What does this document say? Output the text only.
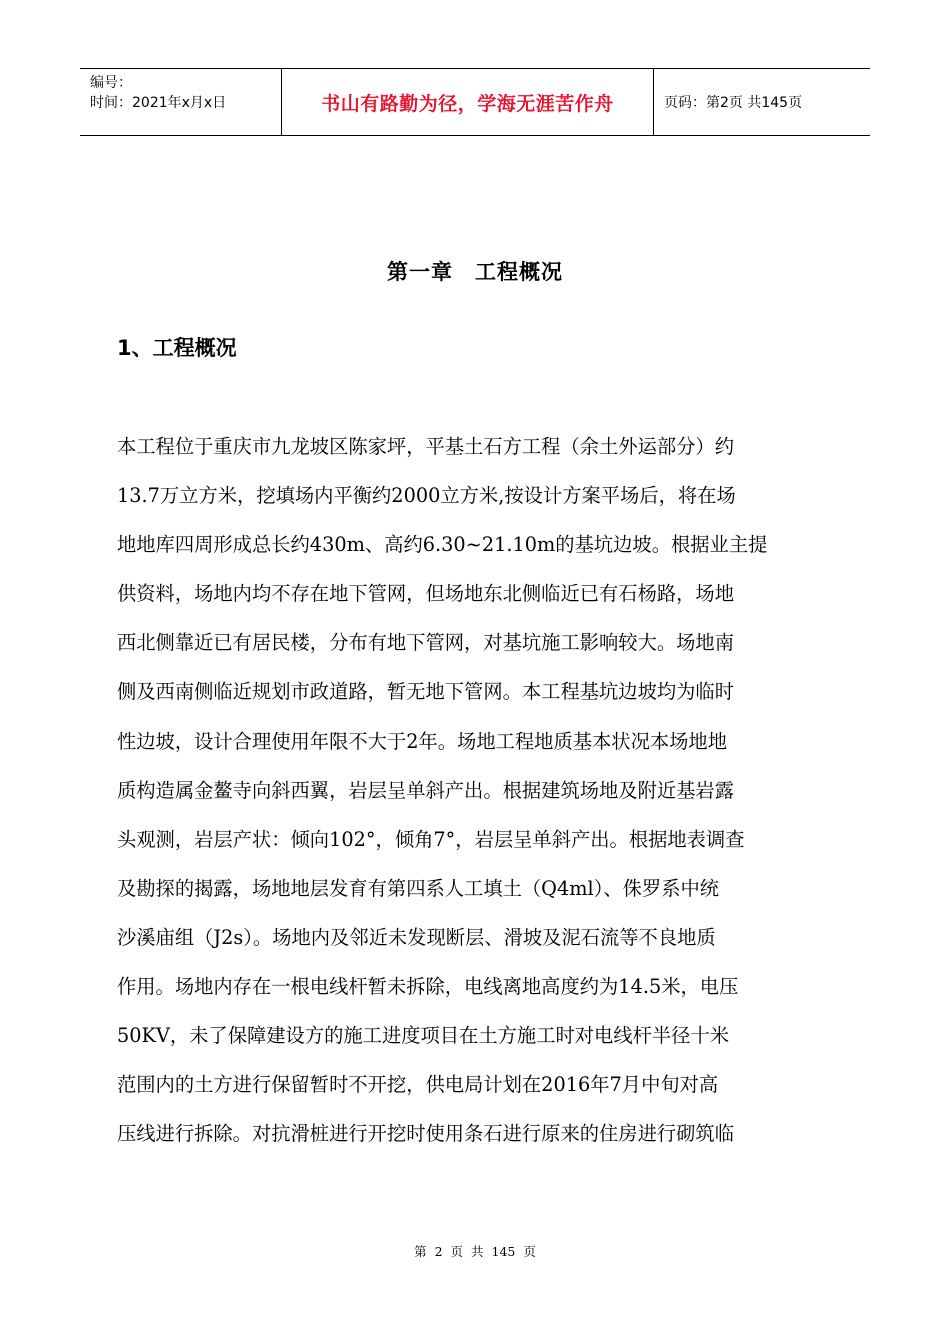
编号：
时间：2021年x月x日	书山有路勤为径，学海无涯苦作舟	页码：第2页 共145页
第一章　工程概况
1、工程概况
本工程位于重庆市九龙坡区陈家坪，平基土石方工程（余土外运部分）约
13.7万立方米，挖填场内平衡约2000立方米,按设计方案平场后，将在场
地地库四周形成总长约430m、高约6.30~21.10m的基坑边坡。根据业主提
供资料，场地内均不存在地下管网，但场地东北侧临近已有石杨路，场地
西北侧靠近已有居民楼，分布有地下管网，对基坑施工影响较大。场地南
侧及西南侧临近规划市政道路，暂无地下管网。本工程基坑边坡均为临时
性边坡，设计合理使用年限不大于2年。场地工程地质基本状况本场地地
质构造属金鳌寺向斜西翼，岩层呈单斜产出。根据建筑场地及附近基岩露
头观测，岩层产状：倾向102°，倾角7°，岩层呈单斜产出。根据地表调查
及勘探的揭露，场地地层发育有第四系人工填土（Q4ml）、侏罗系中统
沙溪庙组（J2s）。场地内及邻近未发现断层、滑坡及泥石流等不良地质
作用。场地内存在一根电线杆暂未拆除，电线离地高度约为14.5米，电压
50KV，未了保障建设方的施工进度项目在土方施工时对电线杆半径十米
范围内的土方进行保留暂时不开挖，供电局计划在2016年7月中旬对高
压线进行拆除。对抗滑桩进行开挖时使用条石进行原来的住房进行砌筑临
第 2 页 共 145 页
